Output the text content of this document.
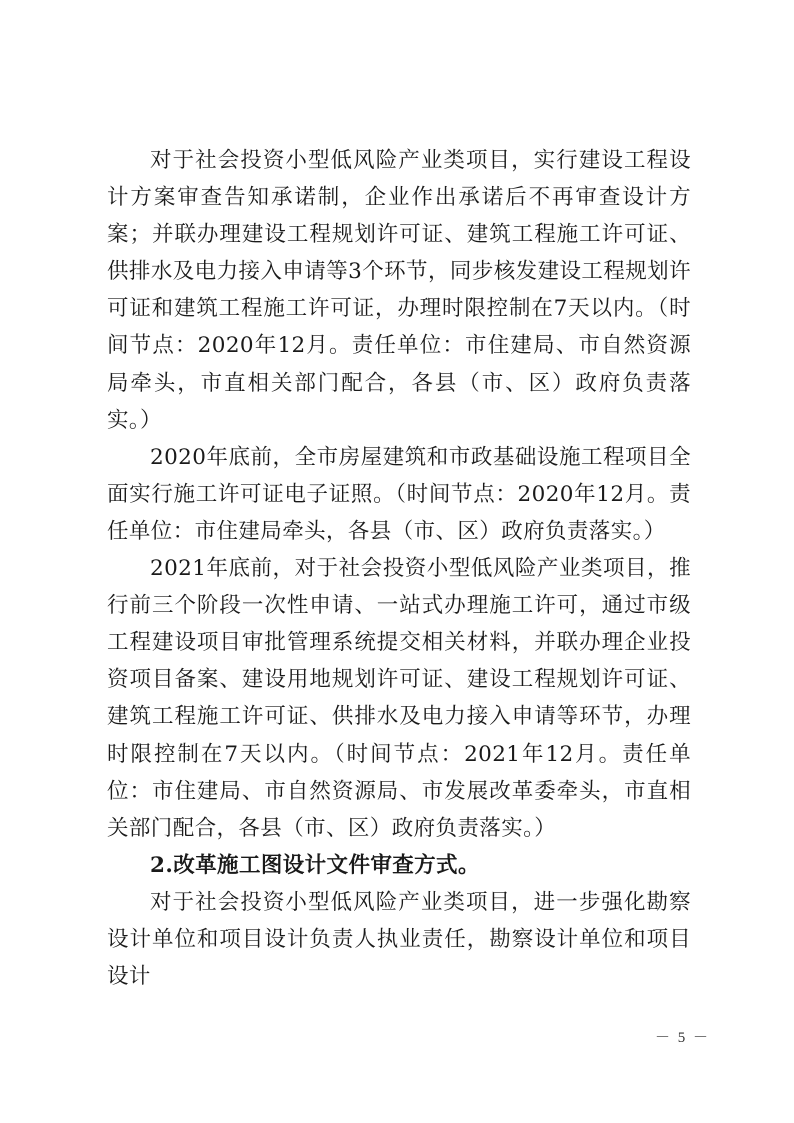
对于社会投资小型低风险产业类项目，实行建设工程设计方案审查告知承诺制，企业作出承诺后不再审查设计方案；并联办理建设工程规划许可证、建筑工程施工许可证、供排水及电力接入申请等3个环节，同步核发建设工程规划许可证和建筑工程施工许可证，办理时限控制在7天以内。（时间节点：2020年12月。责任单位：市住建局、市自然资源局牵头，市直相关部门配合，各县（市、区）政府负责落实。）

2020年底前，全市房屋建筑和市政基础设施工程项目全面实行施工许可证电子证照。（时间节点：2020年12月。责任单位：市住建局牵头，各县（市、区）政府负责落实。）

2021年底前，对于社会投资小型低风险产业类项目，推行前三个阶段一次性申请、一站式办理施工许可，通过市级工程建设项目审批管理系统提交相关材料，并联办理企业投资项目备案、建设用地规划许可证、建设工程规划许可证、建筑工程施工许可证、供排水及电力接入申请等环节，办理时限控制在7天以内。（时间节点：2021年12月。责任单位：市住建局、市自然资源局、市发展改革委牵头，市直相关部门配合，各县（市、区）政府负责落实。）

2.改革施工图设计文件审查方式。

对于社会投资小型低风险产业类项目，进一步强化勘察设计单位和项目设计负责人执业责任，勘察设计单位和项目设计

－ 5 －
